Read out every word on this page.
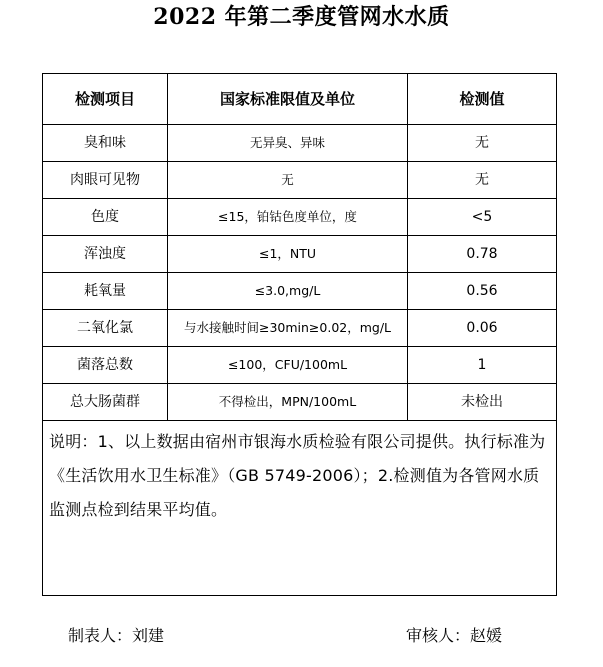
2022 年第二季度管网水水质
检测项目	国家标准限值及单位	检测值
臭和味	无异臭、异味	无
肉眼可见物	无	无
色度	≤15，铂钴色度单位，度	<5
浑浊度	≤1，NTU	0.78
耗氧量	≤3.0,mg/L	0.56
二氧化氯	与水接触时间≥30min≥0.02，mg/L	0.06
菌落总数	≤100，CFU/100mL	1
总大肠菌群	不得检出，MPN/100mL	未检出
说明：1、以上数据由宿州市银海水质检验有限公司提供。执行标准为《生活饮用水卫生标准》（GB 5749-2006）；2.检测值为各管网水质监测点检到结果平均值。		
制表人：刘建	审核人：赵媛
